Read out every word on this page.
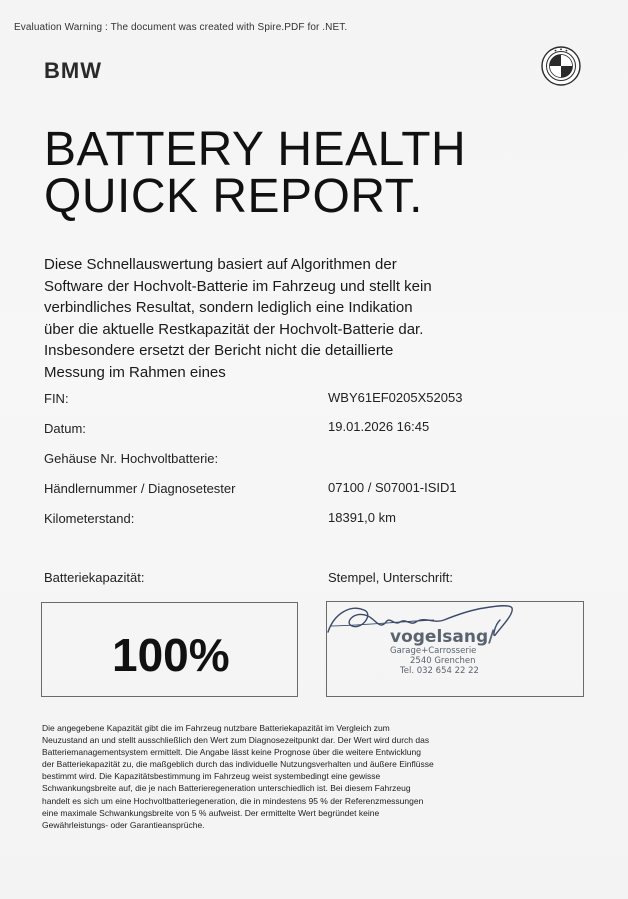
Evaluation Warning : The document was created with Spire.PDF for .NET.
BMW
BATTERY HEALTH QUICK REPORT.

Diese Schnellauswertung basiert auf Algorithmen der Software der Hochvolt-Batterie im Fahrzeug und stellt kein verbindliches Resultat, sondern lediglich eine Indikation über die aktuelle Restkapazität der Hochvolt-Batterie dar. Insbesondere ersetzt der Bericht nicht die detaillierte Messung im Rahmen eines

FIN:	WBY61EF0205X52053
Datum:	19.01.2026 16:45
Gehäuse Nr. Hochvoltbatterie:
Händlernummer / Diagnosetester	07100 / S07001-ISID1
Kilometerstand:	18391,0 km
Batteriekapazität:	Stempel, Unterschrift:
100%	vogelsang/
Garage+Carrosserie
2540 Grenchen
Tel. 032 654 22 22

Die angegebene Kapazität gibt die im Fahrzeug nutzbare Batteriekapazität im Vergleich zum Neuzustand an und stellt ausschließlich den Wert zum Diagnosezeitpunkt dar. Der Wert wird durch das Batteriemanagementsystem ermittelt. Die Angabe lässt keine Prognose über die weitere Entwicklung der Batteriekapazität zu, die maßgeblich durch das individuelle Nutzungsverhalten und äußere Einflüsse bestimmt wird. Die Kapazitätsbestimmung im Fahrzeug weist systembedingt eine gewisse Schwankungsbreite auf, die je nach Batterieregeneration unterschiedlich ist. Bei diesem Fahrzeug handelt es sich um eine Hochvoltbatteriegeneration, die in mindestens 95 % der Referenzmessungen eine maximale Schwankungsbreite von 5 % aufweist. Der ermittelte Wert begründet keine Gewährleistungs- oder Garantieansprüche.
